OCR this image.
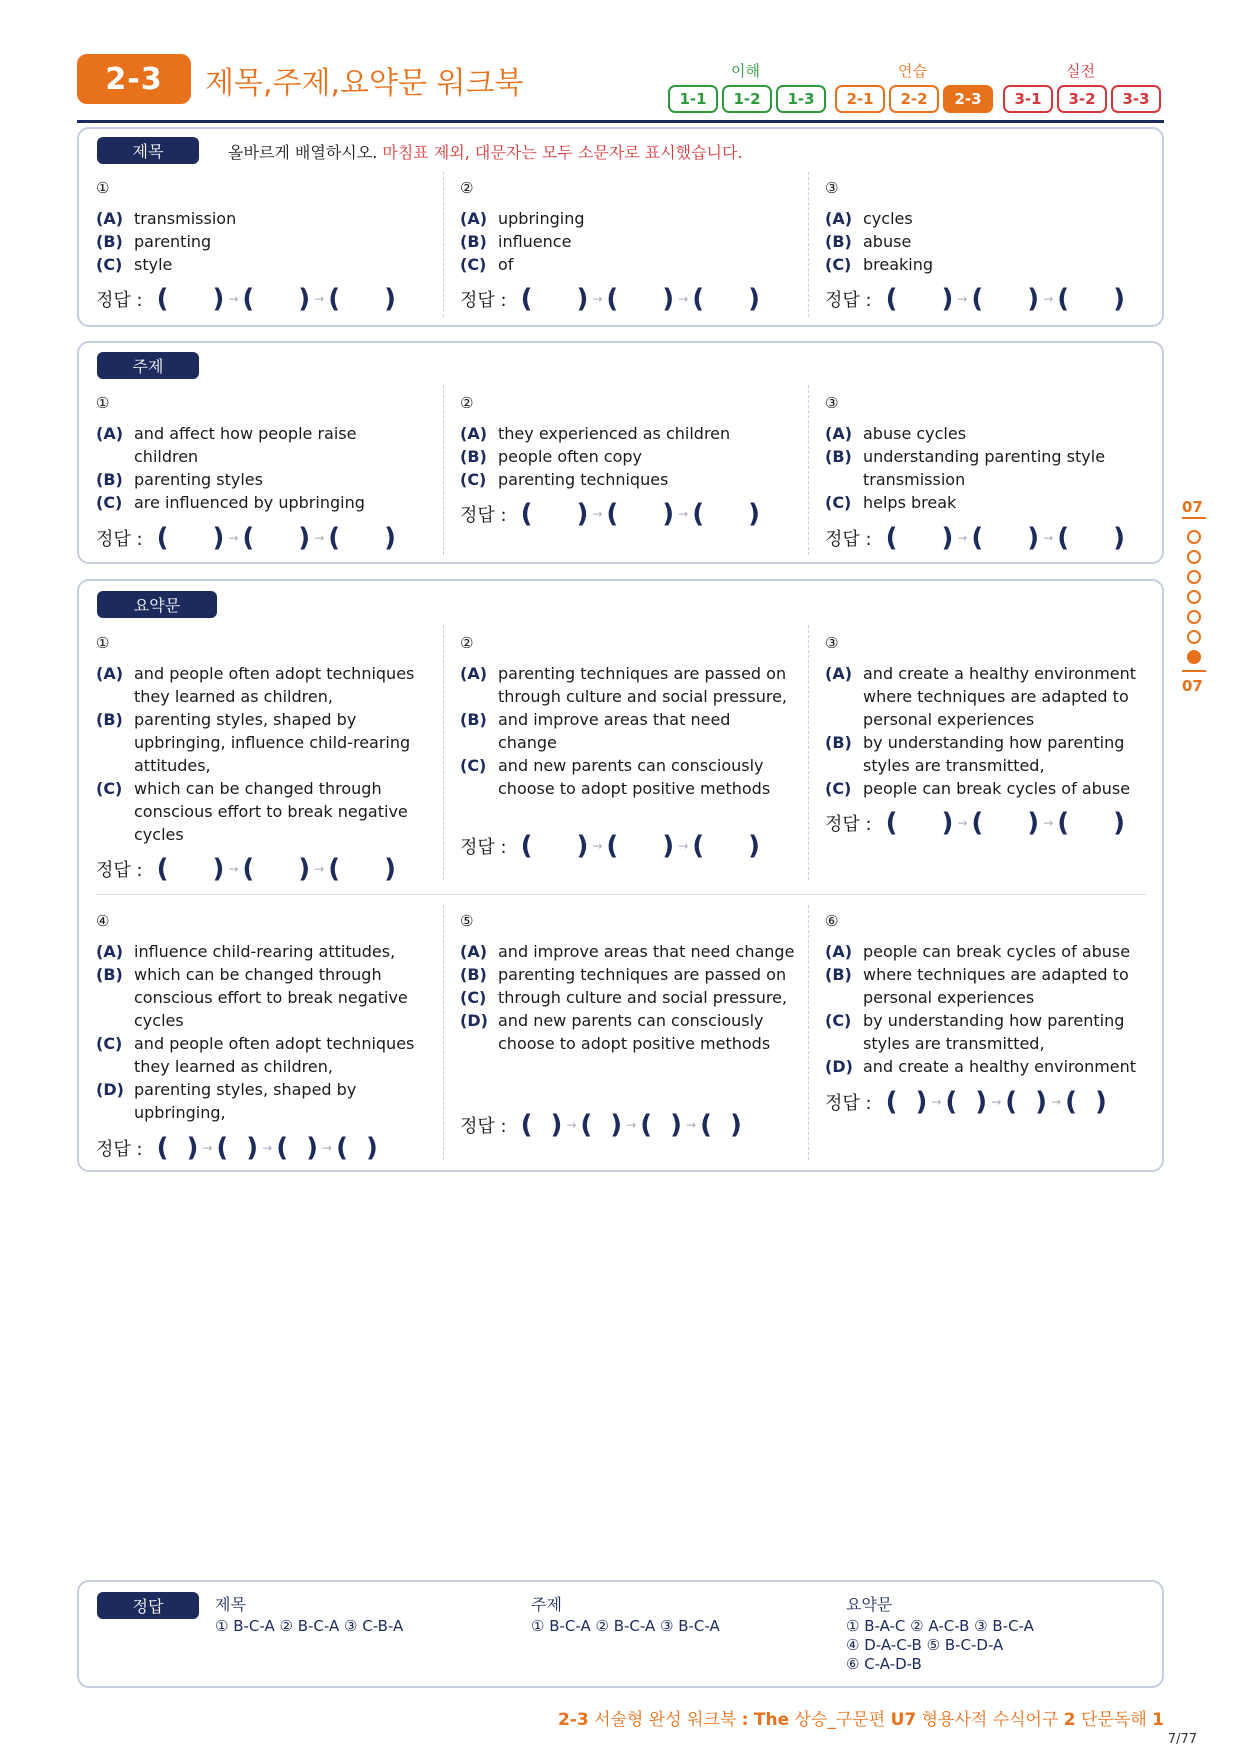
2-3	제목,주제,요약문 워크북	이해	연습	실전
1-1	1-2	1-3	2-1	2-2	2-3	3-1	3-2	3-3
제목	올바르게 배열하시오. 마침표 제외, 대문자는 모두 소문자로 표시했습니다.
①
(A) transmission
(B) parenting
(C) style
②
(A) upbringing
(B) influence
(C) of
③
(A) cycles
(B) abuse
(C) breaking
정답 : ( ) → ( ) → ( )	정답 : ( ) → ( ) → ( )	정답 : ( ) → ( ) → ( )
주제
①
(A) and affect how people raise children
(B) parenting styles
(C) are influenced by upbringing
②
(A) they experienced as children
(B) people often copy
(C) parenting techniques
③
(A) abuse cycles
(B) understanding parenting style transmission
(C) helps break
정답 : ( ) → ( ) → ( )
정답 : ( ) → ( ) → ( )
정답 : ( ) → ( ) → ( )
요약문
①
(A) and people often adopt techniques they learned as children,
(B) parenting styles, shaped by upbringing, influence child-rearing attitudes,
(C) which can be changed through conscious effort to break negative cycles
②
(A) parenting techniques are passed on through culture and social pressure,
(B) and improve areas that need change
(C) and new parents can consciously choose to adopt positive methods
③
(A) and create a healthy environment where techniques are adapted to personal experiences
(B) by understanding how parenting styles are transmitted,
(C) people can break cycles of abuse
정답 : ( ) → ( ) → ( )
정답 : ( ) → ( ) → ( )
정답 : ( ) → ( ) → ( )
④
(A) influence child-rearing attitudes,
(B) which can be changed through conscious effort to break negative cycles
(C) and people often adopt techniques they learned as children,
(D) parenting styles, shaped by upbringing,
⑤
(A) and improve areas that need change
(B) parenting techniques are passed on
(C) through culture and social pressure,
(D) and new parents can consciously choose to adopt positive methods
⑥
(A) people can break cycles of abuse
(B) where techniques are adapted to personal experiences
(C) by understanding how parenting styles are transmitted,
(D) and create a healthy environment
정답 : ( ) → ( ) → ( ) → ( )
정답 : ( ) → ( ) → ( ) → ( )
정답 : ( ) → ( ) → ( ) → ( )
07
07
정답	제목
① B-C-A ② B-C-A ③ C-B-A
주제
① B-C-A ② B-C-A ③ B-C-A
요약문
① B-A-C ② A-C-B ③ B-C-A
④ D-A-C-B ⑤ B-C-D-A
⑥ C-A-D-B
2-3 서술형 완성 워크북 : The 상승_구문편 U7 형용사적 수식어구 2 단문독해 1
7/77
